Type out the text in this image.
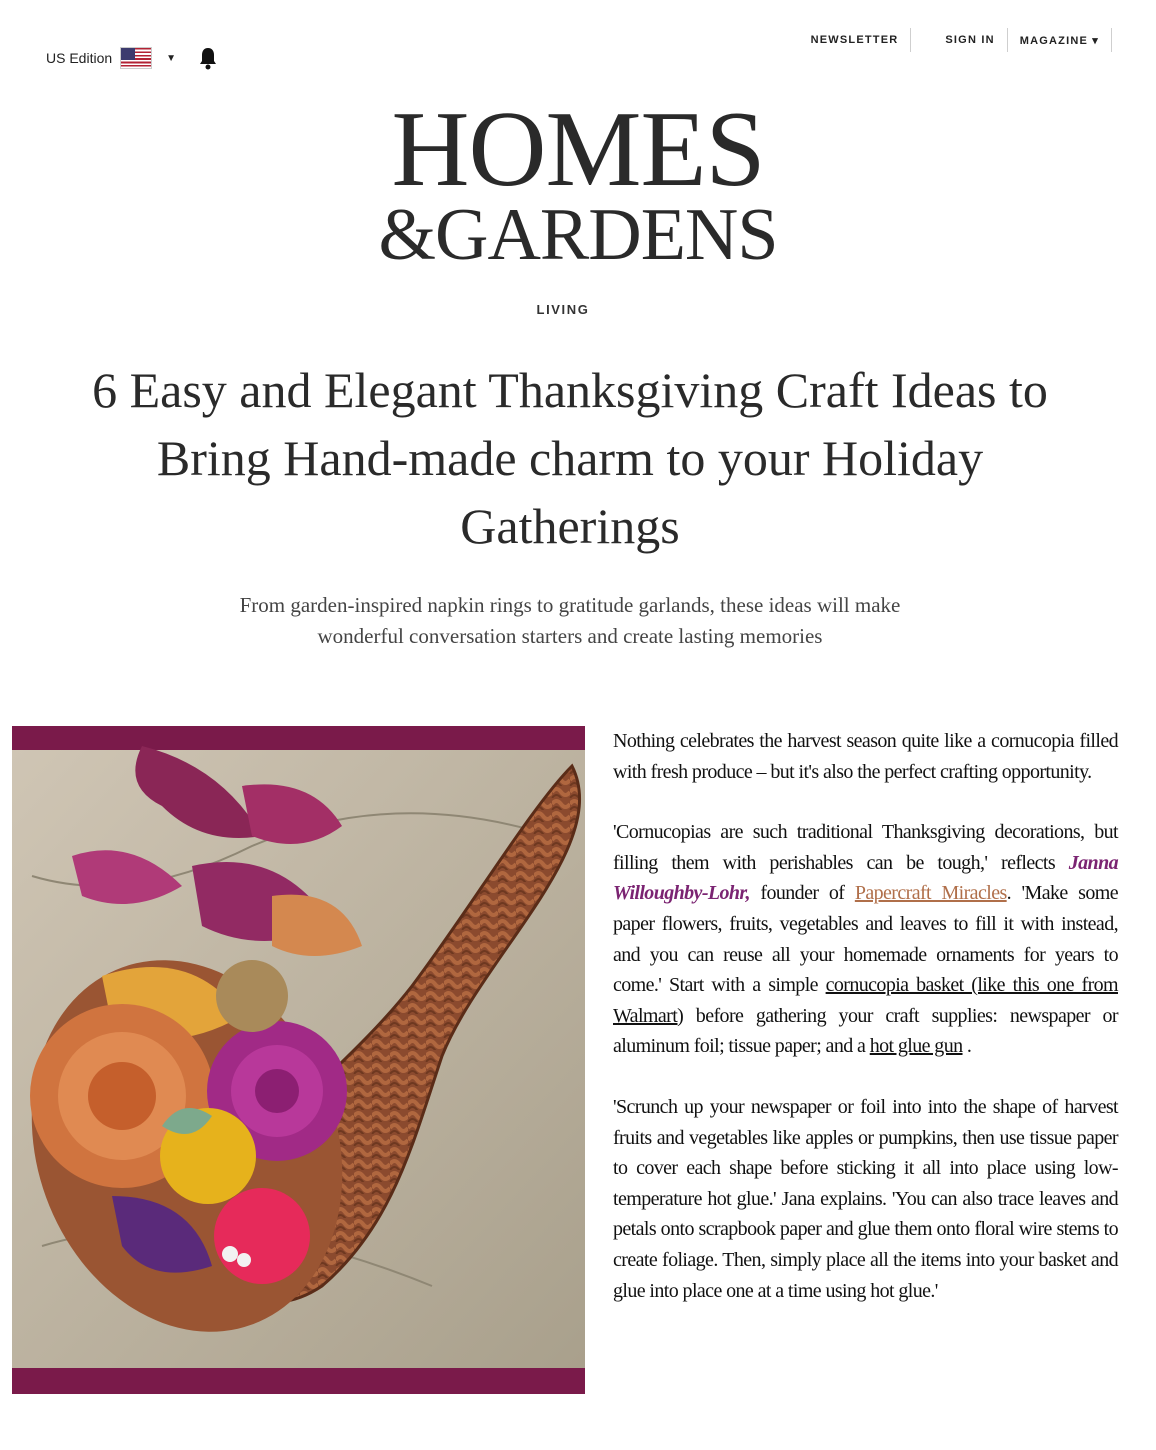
US Edition	▼
NEWSLETTER	SIGN IN	MAGAZINE ▾
HOMES
&GARDENS
LIVING
6 Easy and Elegant Thanksgiving Craft Ideas to Bring Hand-made charm to your Holiday Gatherings
From garden-inspired napkin rings to gratitude garlands, these ideas will make wonderful conversation starters and create lasting memories

Nothing celebrates the harvest season quite like a cornucopia filled with fresh produce – but it's also the perfect crafting opportunity.

'Cornucopias are such traditional Thanksgiving decorations, but filling them with perishables can be tough,' reflects Janna Willoughby-Lohr, founder of Papercraft Miracles. 'Make some paper flowers, fruits, vegetables and leaves to fill it with instead, and you can reuse all your homemade ornaments for years to come.' Start with a simple cornucopia basket (like this one from Walmart) before gathering your craft supplies: newspaper or aluminum foil; tissue paper; and a hot glue gun .

'Scrunch up your newspaper or foil into into the shape of harvest fruits and vegetables like apples or pumpkins, then use tissue paper to cover each shape before sticking it all into place using low-temperature hot glue.' Jana explains. 'You can also trace leaves and petals onto scrapbook paper and glue them onto floral wire stems to create foliage. Then, simply place all the items into your basket and glue into place one at a time using hot glue.'
